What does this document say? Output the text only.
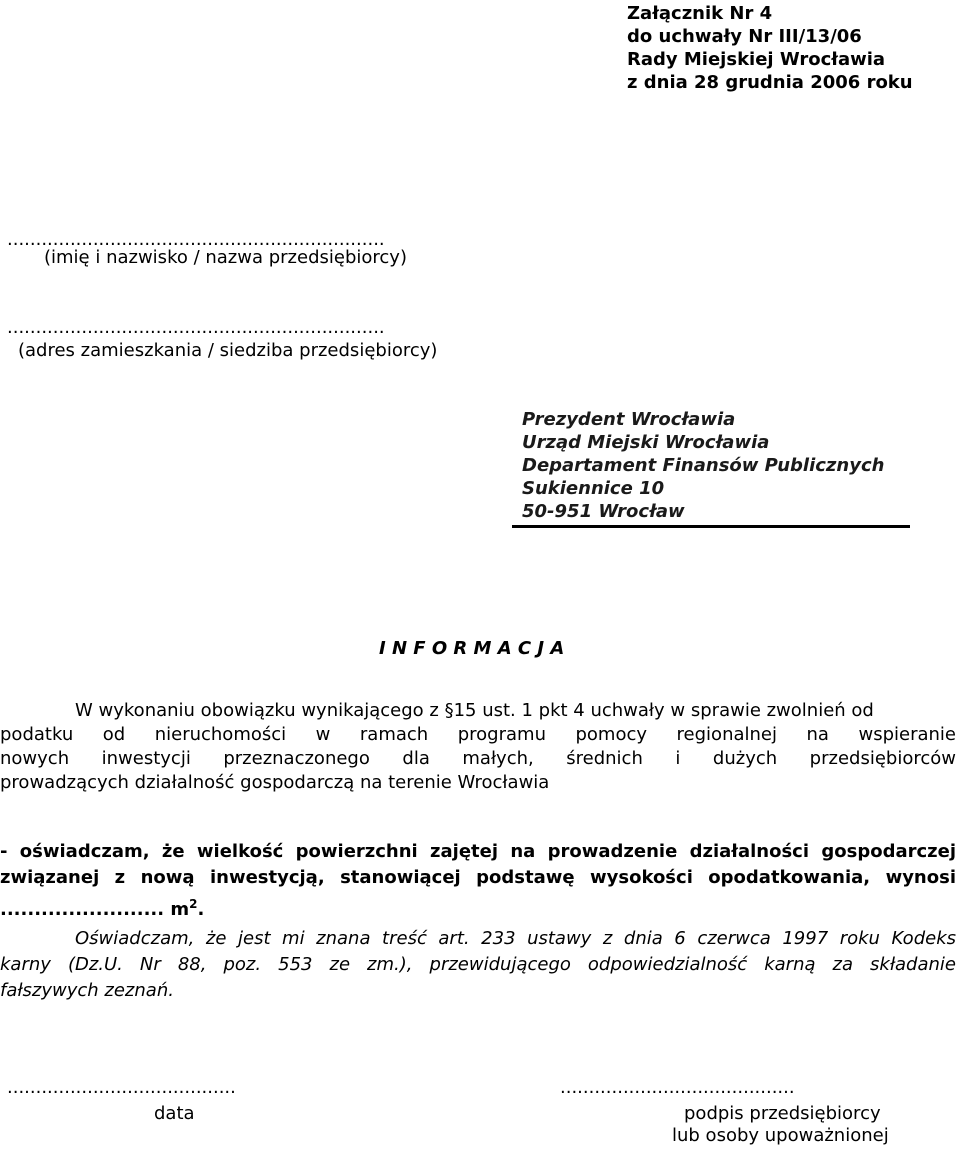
Załącznik Nr 4
do uchwały Nr III/13/06
Rady Miejskiej Wrocławia
z dnia 28 grudnia 2006 roku
..................................................................
(imię i nazwisko / nazwa przedsiębiorcy)
..................................................................
(adres zamieszkania / siedziba przedsiębiorcy)
Prezydent Wrocławia
Urząd Miejski Wrocławia
Departament Finansów Publicznych
Sukiennice 10
50-951 Wrocław
I N F O R M A C J A
W wykonaniu obowiązku wynikającego z §15 ust. 1 pkt 4 uchwały w sprawie zwolnień od
podatku od nieruchomości w ramach programu pomocy regionalnej na wspieranie
nowych inwestycji przeznaczonego dla małych, średnich i dużych przedsiębiorców
prowadzących działalność gospodarczą na terenie Wrocławia
- oświadczam, że wielkość powierzchni zajętej na prowadzenie działalności gospodarczej
związanej z nową inwestycją, stanowiącej podstawę wysokości opodatkowania, wynosi
........................ $m^2$.
Oświadczam, że jest mi znana treść art. 233 ustawy z dnia 6 czerwca 1997 roku Kodeks
karny (Dz.U. Nr 88, poz. 553 ze zm.), przewidującego odpowiedzialność karną za składanie
fałszywych zeznań.
........................................
data
.........................................
podpis przedsiębiorcy
lub osoby upoważnionej
